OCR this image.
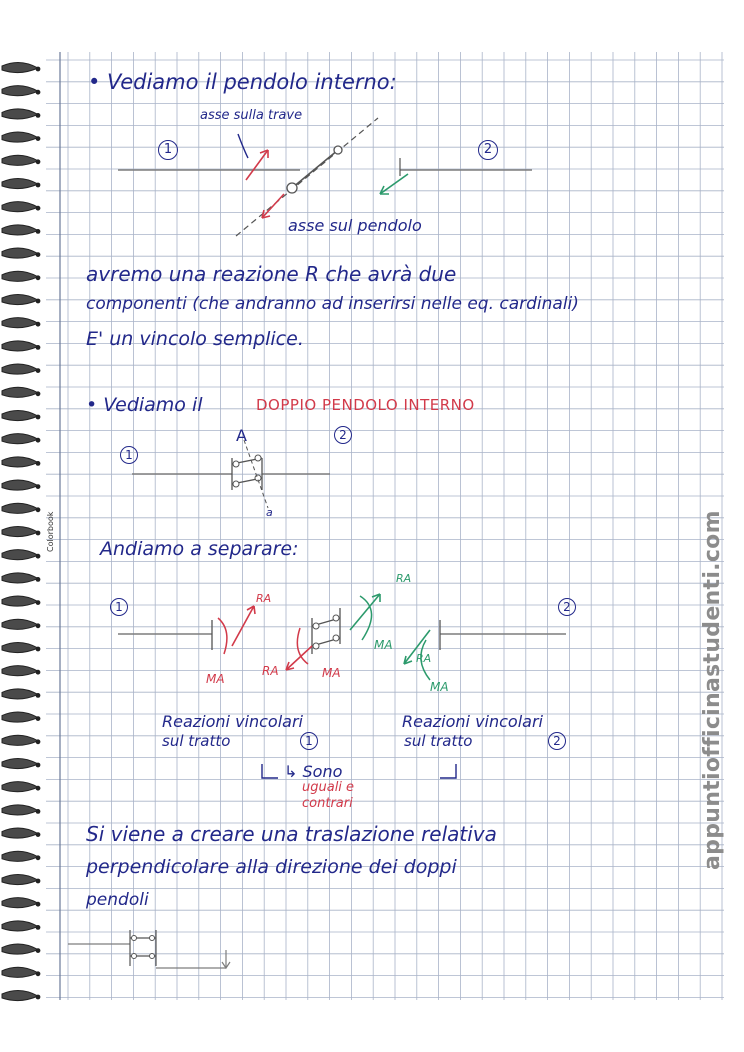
Colorbook
• Vediamo il pendolo interno:
asse sulla trave
asse sul pendolo
1	2
avremo una reazione R che avrà due
componenti (che andranno ad inserirsi nelle eq. cardinali)
E' un vincolo semplice.
• Vediamo il	DOPPIO PENDOLO INTERNO
1
2
A
a
Andiamo a separare:
1	2
RA
MA
RA	MA
RA
MA
RA
MA
Reazioni vincolari
sul tratto	1
Reazioni vincolari
sul tratto	2
↳ Sono
uguali e
contrari
Si viene a creare una traslazione relativa
perpendicolare alla direzione dei doppi
pendoli
appuntiofficinastudenti.com
